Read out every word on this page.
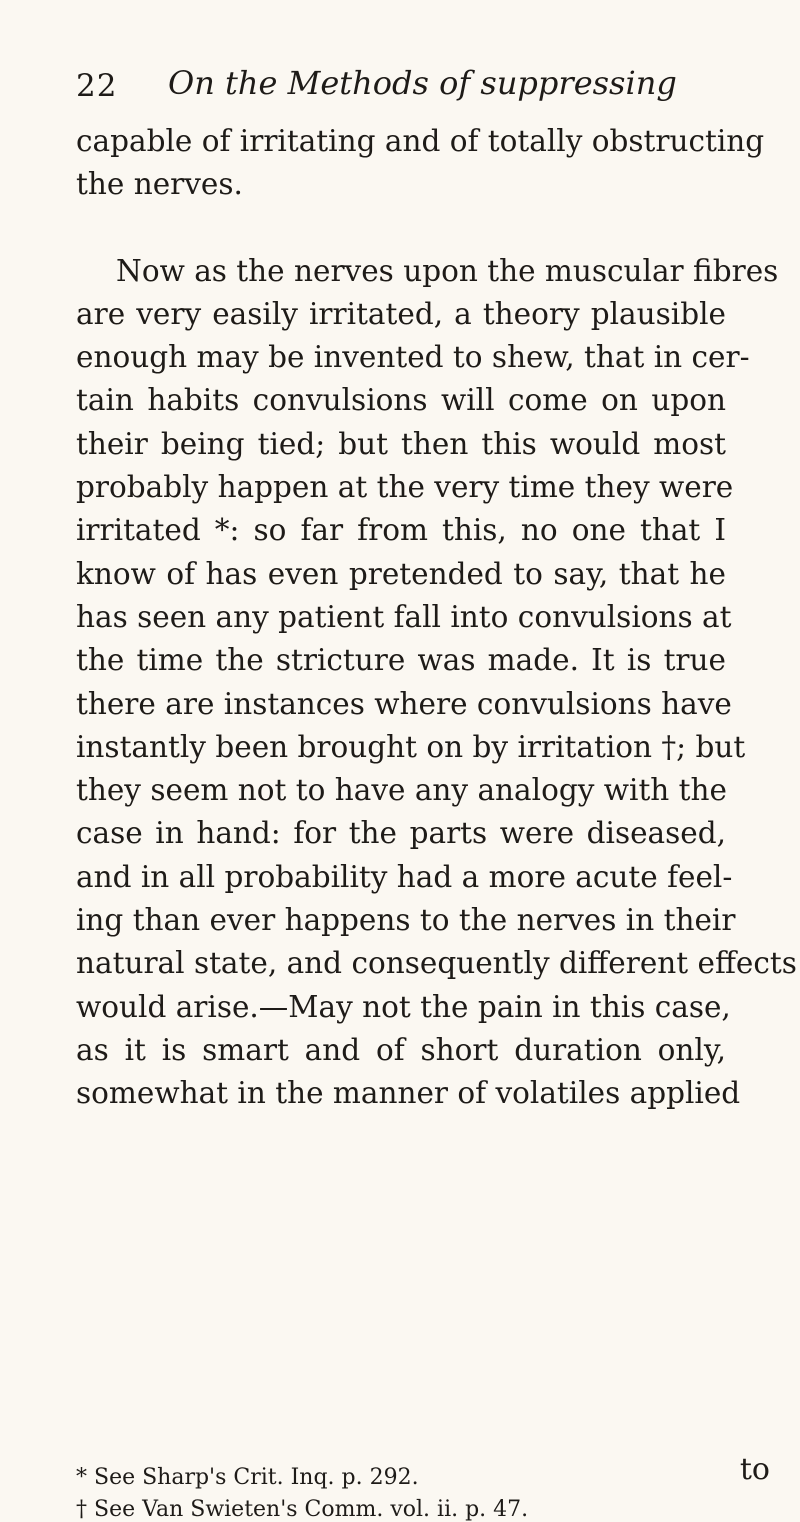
22 On the Methods of suppressing
capable of irritating and of totally obstructing
the nerves.
Now as the nerves upon the muscular fibres
are very easily irritated, a theory plausible
enough may be invented to shew, that in cer-
tain habits convulsions will come on upon
their being tied; but then this would most
probably happen at the very time they were
irritated *: so far from this, no one that I
know of has even pretended to say, that he
has seen any patient fall into convulsions at
the time the stricture was made. It is true
there are instances where convulsions have
instantly been brought on by irritation †; but
they seem not to have any analogy with the
case in hand: for the parts were diseased,
and in all probability had a more acute feel-
ing than ever happens to the nerves in their
natural state, and consequently different effects
would arise.—May not the pain in this case,
as it is smart and of short duration only,
somewhat in the manner of volatiles applied
* See Sharp's Crit. Inq. p. 292.
† See Van Swieten's Comm. vol. ii. p. 47.
to
